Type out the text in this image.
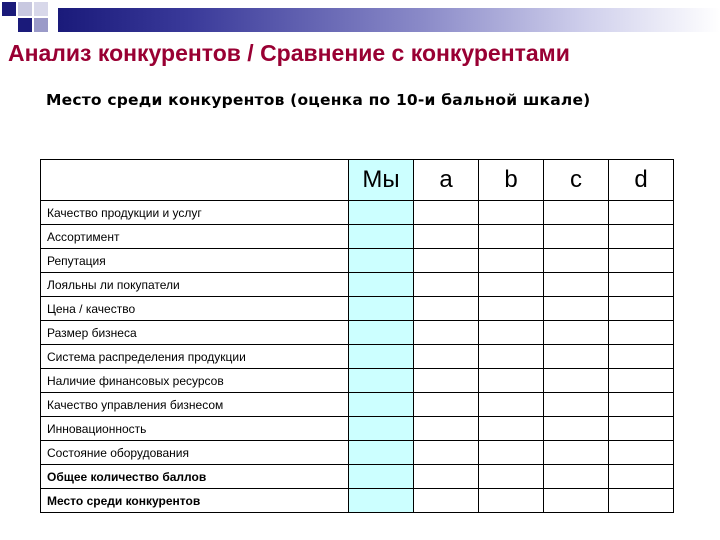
Анализ конкурентов / Сравнение с конкурентами
Место среди конкурентов (оценка по 10-и бальной шкале)
	Мы	a	b	c	d
Качество продукции и услуг					
Ассортимент					
Репутация					
Лояльны ли покупатели					
Цена / качество					
Размер бизнеса					
Система распределения продукции					
Наличие финансовых ресурсов					
Качество управления бизнесом					
Инновационность					
Состояние оборудования					
Общее количество баллов					
Место среди конкурентов					
